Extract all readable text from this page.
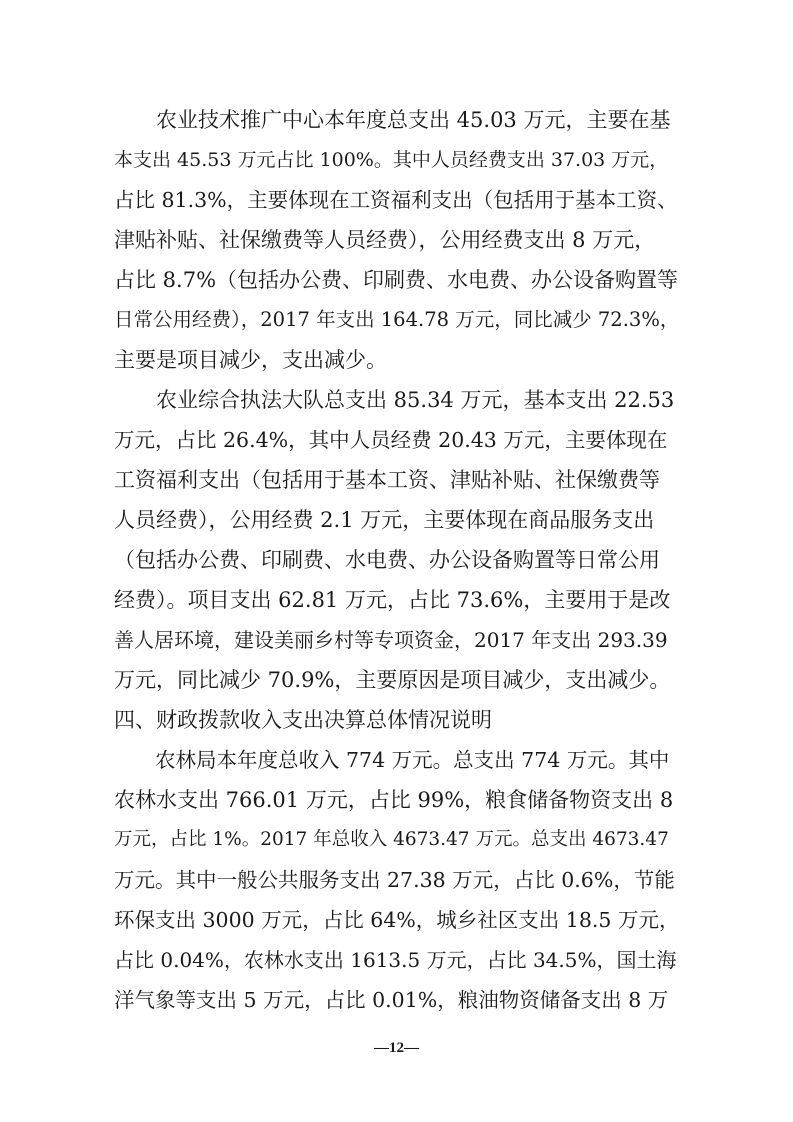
　　农业技术推广中心本年度总支出 45.03 万元，主要在基
本支出 45.53 万元占比 100%。其中人员经费支出 37.03 万元，
占比 81.3%，主要体现在工资福利支出（包括用于基本工资、
津贴补贴、社保缴费等人员经费），公用经费支出 8 万元，
占比 8.7%（包括办公费、印刷费、水电费、办公设备购置等
日常公用经费），2017 年支出 164.78 万元，同比减少 72.3%，
主要是项目减少，支出减少。
　　农业综合执法大队总支出 85.34 万元，基本支出 22.53
万元，占比 26.4%，其中人员经费 20.43 万元，主要体现在
工资福利支出（包括用于基本工资、津贴补贴、社保缴费等
人员经费），公用经费 2.1 万元，主要体现在商品服务支出
（包括办公费、印刷费、水电费、办公设备购置等日常公用
经费）。项目支出 62.81 万元，占比 73.6%，主要用于是改
善人居环境，建设美丽乡村等专项资金，2017 年支出 293.39
万元，同比减少 70.9%，主要原因是项目减少，支出减少。
四、财政拨款收入支出决算总体情况说明
　　农林局本年度总收入 774 万元。总支出 774 万元。其中
农林水支出 766.01 万元，占比 99%，粮食储备物资支出 8
万元，占比 1%。2017 年总收入 4673.47 万元。总支出 4673.47
万元。其中一般公共服务支出 27.38 万元，占比 0.6%，节能
环保支出 3000 万元，占比 64%，城乡社区支出 18.5 万元，
占比 0.04%，农林水支出 1613.5 万元，占比 34.5%，国土海
洋气象等支出 5 万元，占比 0.01%，粮油物资储备支出 8 万
—12—
